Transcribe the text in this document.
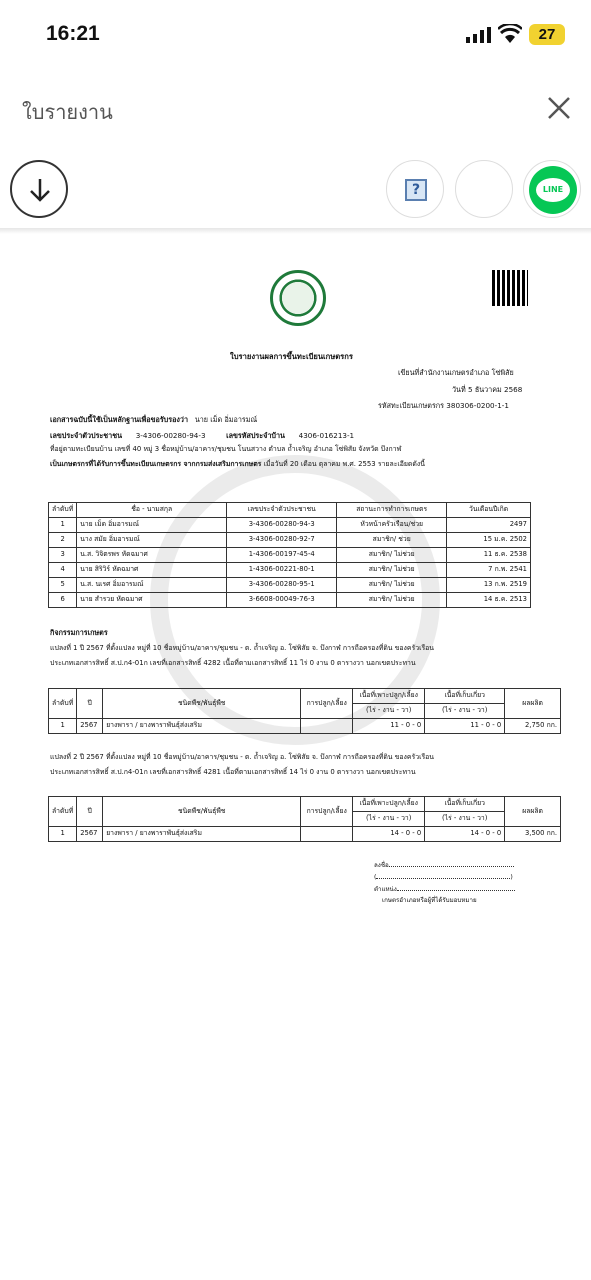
16:21	27
ใบรายงาน
?	LINE
ใบรายงานผลการขึ้นทะเบียนเกษตรกร
เขียนที่สำนักงานเกษตรอำเภอ โซ่พิสัย
วันที่ 5 ธันวาคม 2568
รหัสทะเบียนเกษตรกร 380306-0200-1-1
เอกสารฉบับนี้ใช้เป็นหลักฐานเพื่อขอรับรองว่า นาย เม็ด อิ่มอารมณ์
เลขประจำตัวประชาชน 3-4306-00280-94-3	เลขรหัสประจำบ้าน 4306-016213-1
ที่อยู่ตามทะเบียนบ้าน เลขที่ 40 หมู่ 3 ชื่อหมู่บ้าน/อาคาร/ชุมชน โนนสวาง ตำบล ถ้ำเจริญ อำเภอ โซ่พิสัย จังหวัด บึงกาฬ
เป็นเกษตรกรที่ได้รับการขึ้นทะเบียนเกษตรกร จากกรมส่งเสริมการเกษตร เมื่อวันที่ 20 เดือน ตุลาคม พ.ศ. 2553 รายละเอียดดังนี้
ลำดับที่	ชื่อ - นามสกุล	เลขประจำตัวประชาชน	สถานะการทำการเกษตร	วันเดือนปีเกิด
1	นาย เม็ด อิ่มอารมณ์	3-4306-00280-94-3	หัวหน้าครัวเรือน/ช่วย	2497
2	นาง สมัย อิ่มอารมณ์	3-4306-00280-92-7	สมาชิก/ ช่วย	15 ม.ค. 2502
3	น.ส. วิจิตรพร หัดฉมาศ	1-4306-00197-45-4	สมาชิก/ ไม่ช่วย	11 ธ.ค. 2538
4	นาย สิริวิร์ หัดฉมาศ	1-4306-00221-80-1	สมาชิก/ ไม่ช่วย	7 ก.พ. 2541
5	น.ส. นเรศ อิ่มอารมณ์	3-4306-00280-95-1	สมาชิก/ ไม่ช่วย	13 ก.พ. 2519
6	นาย สำรวย หัดฉมาศ	3-6608-00049-76-3	สมาชิก/ ไม่ช่วย	14 ธ.ค. 2513
กิจกรรมการเกษตร
แปลงที่ 1 ปี 2567 ที่ตั้งแปลง หมู่ที่ 10 ชื่อหมู่บ้าน/อาคาร/ชุมชน - ต. ถ้ำเจริญ อ. โซ่พิสัย จ. บึงกาฬ การถือครองที่ดิน ของครัวเรือน
ประเภทเอกสารสิทธิ์ ส.ป.ก4-01ก เลขที่เอกสารสิทธิ์ 4282 เนื้อที่ตามเอกสารสิทธิ์ 11 ไร่ 0 งาน 0 ตารางวา นอกเขตประทาน
ลำดับที่	ปี	ชนิดพืช/พันธุ์พืช	การปลูก/เลี้ยง	เนื้อที่เพาะปลูก/เลี้ยง	เนื้อที่เก็บเกี่ยว	ผลผลิต
				(ไร่ - งาน - วา)	(ไร่ - งาน - วา)	
1	2567	ยางพารา / ยางพาราพันธุ์ส่งเสริม		11 - 0 - 0	11 - 0 - 0	2,750 กก.
แปลงที่ 2 ปี 2567 ที่ตั้งแปลง หมู่ที่ 10 ชื่อหมู่บ้าน/อาคาร/ชุมชน - ต. ถ้ำเจริญ อ. โซ่พิสัย จ. บึงกาฬ การถือครองที่ดิน ของครัวเรือน
ประเภทเอกสารสิทธิ์ ส.ป.ก4-01ก เลขที่เอกสารสิทธิ์ 4281 เนื้อที่ตามเอกสารสิทธิ์ 14 ไร่ 0 งาน 0 ตารางวา นอกเขตประทาน
ลำดับที่	ปี	ชนิดพืช/พันธุ์พืช	การปลูก/เลี้ยง	เนื้อที่เพาะปลูก/เลี้ยง	เนื้อที่เก็บเกี่ยว	ผลผลิต
				(ไร่ - งาน - วา)	(ไร่ - งาน - วา)	
1	2567	ยางพารา / ยางพาราพันธุ์ส่งเสริม		14 - 0 - 0	14 - 0 - 0	3,500 กก.
ลงชื่อ
(	)
ตำแหน่ง
เกษตรอำเภอหรือผู้ที่ได้รับมอบหมาย
